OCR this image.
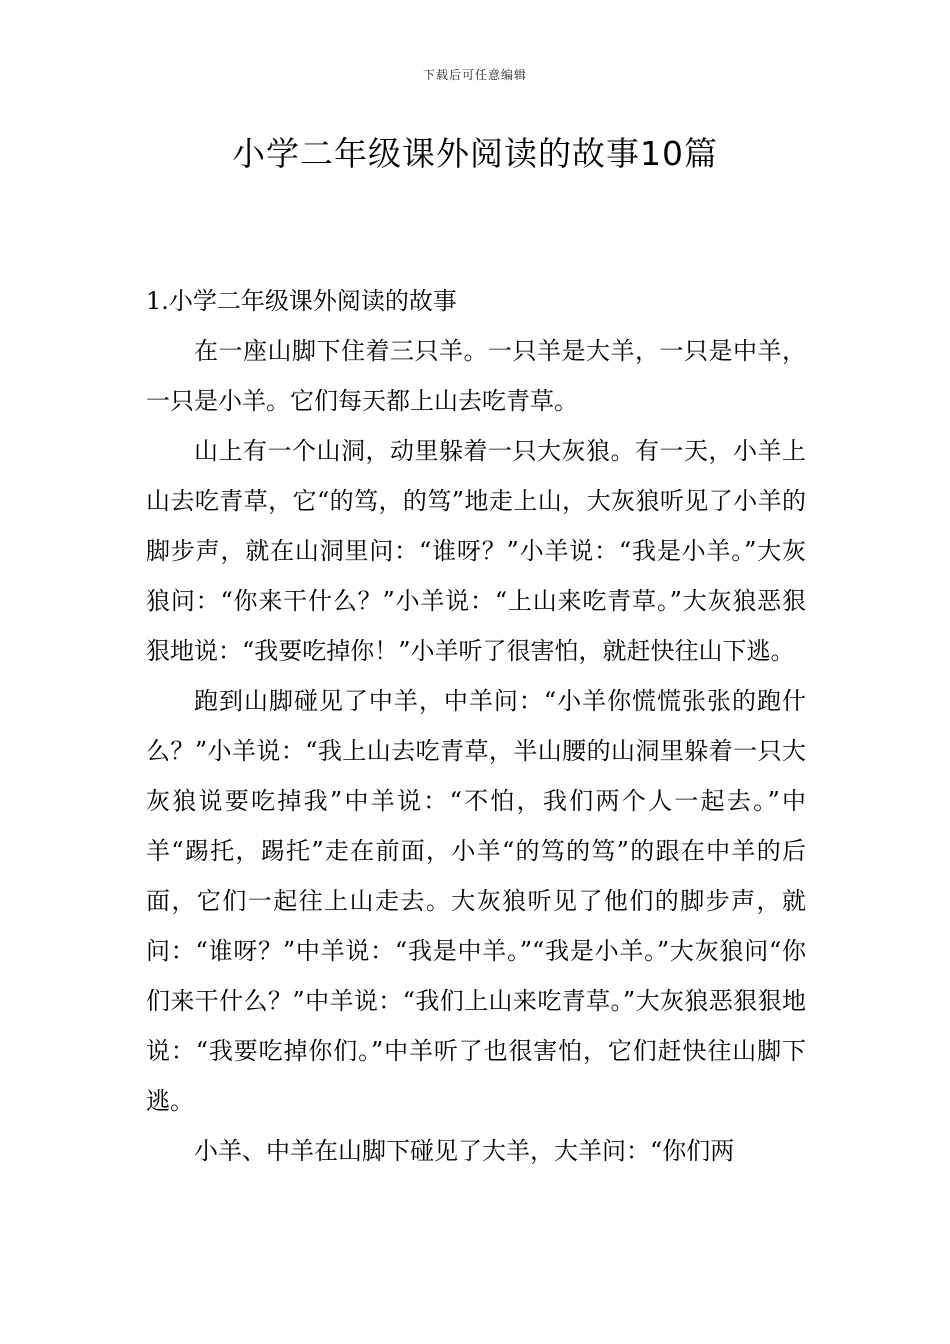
下载后可任意编辑
小学二年级课外阅读的故事10篇
1.小学二年级课外阅读的故事

在一座山脚下住着三只羊。一只羊是大羊，一只是中羊，一只是小羊。它们每天都上山去吃青草。

山上有一个山洞，动里躲着一只大灰狼。有一天，小羊上山去吃青草，它“的笃，的笃”地走上山，大灰狼听见了小羊的脚步声，就在山洞里问：“谁呀？”小羊说：“我是小羊。”大灰狼问：“你来干什么？”小羊说：“上山来吃青草。”大灰狼恶狠狠地说：“我要吃掉你！”小羊听了很害怕，就赶快往山下逃。

跑到山脚碰见了中羊，中羊问：“小羊你慌慌张张的跑什么？”小羊说：“我上山去吃青草，半山腰的山洞里躲着一只大灰狼说要吃掉我”中羊说：“不怕，我们两个人一起去。”中羊“踢托，踢托”走在前面，小羊“的笃的笃”的跟在中羊的后面，它们一起往上山走去。大灰狼听见了他们的脚步声，就问：“谁呀？”中羊说：“我是中羊。”“我是小羊。”大灰狼问“你们来干什么？”中羊说：“我们上山来吃青草。”大灰狼恶狠狠地说：“我要吃掉你们。”中羊听了也很害怕，它们赶快往山脚下逃。

小羊、中羊在山脚下碰见了大羊，大羊问：“你们两
